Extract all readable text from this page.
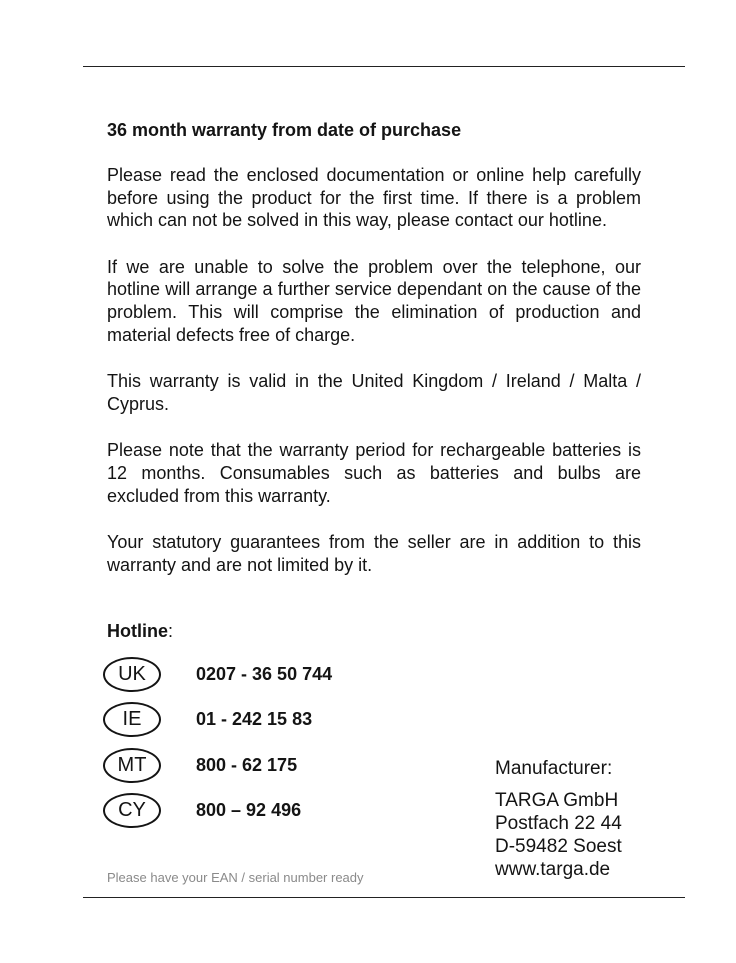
36 month warranty from date of purchase

Please read the enclosed documentation or online help carefully before using the product for the first time. If there is a problem which can not be solved in this way, please contact our hotline.

If we are unable to solve the problem over the telephone, our hotline will arrange a further service dependant on the cause of the problem. This will comprise the elimination of production and material defects free of charge.

This warranty is valid in the United Kingdom / Ireland / Malta / Cyprus.

Please note that the warranty period for rechargeable batteries is 12 months. Consumables such as batteries and bulbs are excluded from this warranty.

Your statutory guarantees from the seller are in addition to this warranty and are not limited by it.

Hotline:
UK	0207 - 36 50 744
IE	01 - 242 15 83
MT	800 - 62 175
CY	800 – 92 496
Manufacturer:
TARGA GmbH
Postfach 22 44
D-59482 Soest
www.targa.de
Please have your EAN / serial number ready
